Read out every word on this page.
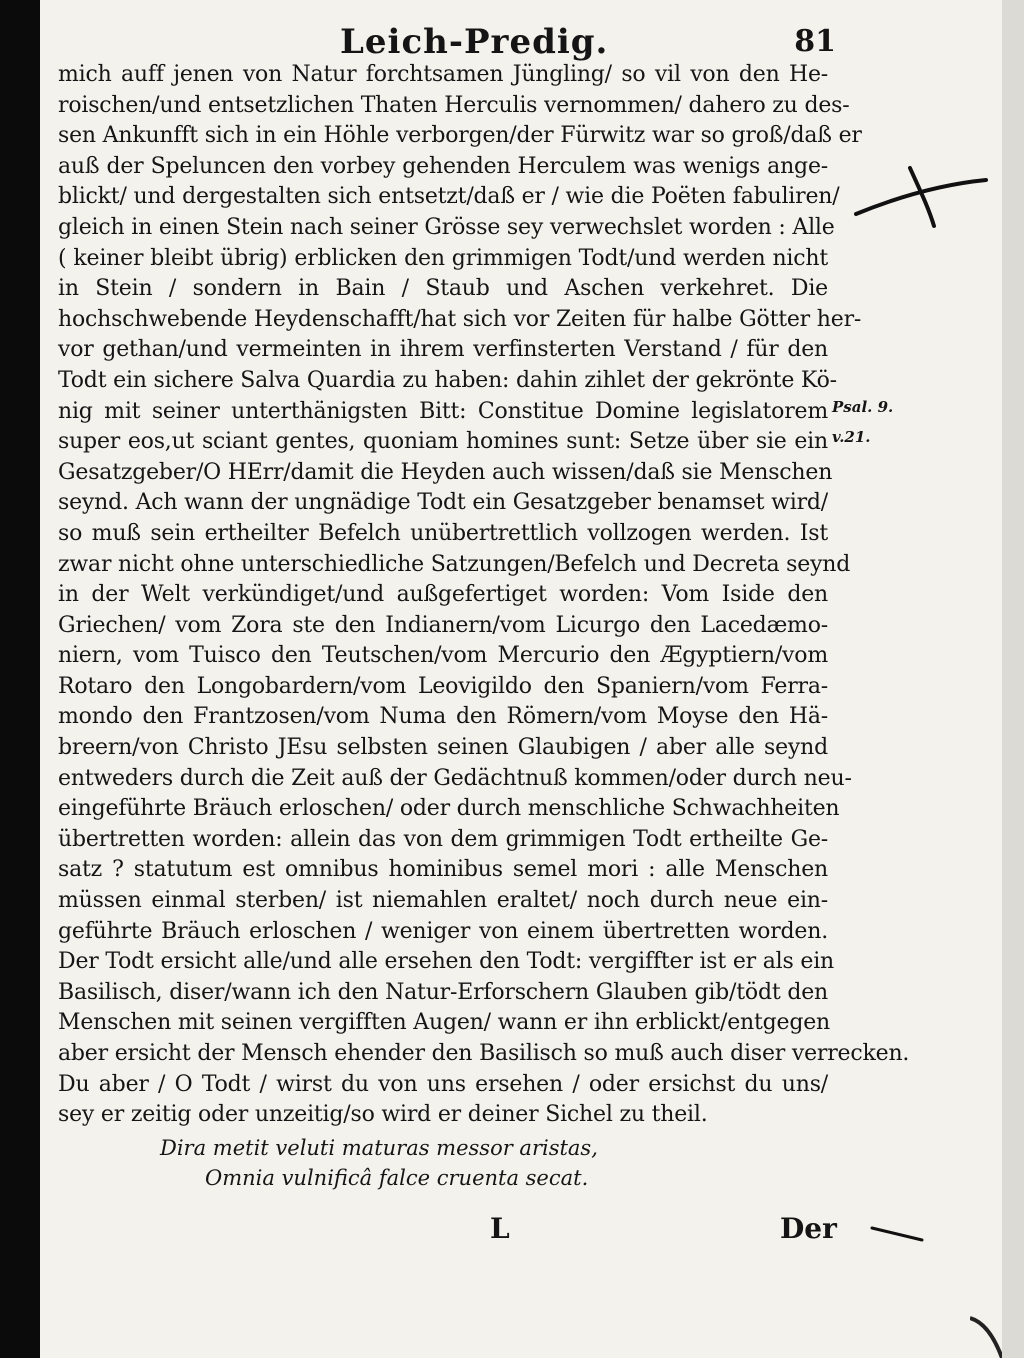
Leich-Predig.	81
mich auff jenen von Natur forchtsamen Jüngling/ so vil von den He-
roischen/und entsetzlichen Thaten Herculis vernommen/ dahero zu des-
sen Ankunfft sich in ein Höhle verborgen/der Fürwitz war so groß/daß er
auß der Speluncen den vorbey gehenden Herculem was wenigs ange-
blickt/ und dergestalten sich entsetzt/daß er / wie die Poëten fabuliren/
gleich in einen Stein nach seiner Grösse sey verwechslet worden : Alle
( keiner bleibt übrig) erblicken den grimmigen Todt/und werden nicht
in Stein / sondern in Bain / Staub und Aschen verkehret. Die
hochschwebende Heydenschafft/hat sich vor Zeiten für halbe Götter her-
vor gethan/und vermeinten in ihrem verfinsterten Verstand / für den
Todt ein sichere Salva Quardia zu haben: dahin zihlet der gekrönte Kö-
nig mit seiner unterthänigsten Bitt: Constitue Domine legislatorem
super eos,ut sciant gentes, quoniam homines sunt: Setze über sie ein
Gesatzgeber/O HErr/damit die Heyden auch wissen/daß sie Menschen
seynd. Ach wann der ungnädige Todt ein Gesatzgeber benamset wird/
so muß sein ertheilter Befelch unübertrettlich vollzogen werden. Ist
zwar nicht ohne unterschiedliche Satzungen/Befelch und Decreta seynd
in der Welt verkündiget/und außgefertiget worden: Vom Iside den
Griechen/ vom Zora ste den Indianern/vom Licurgo den Lacedæmo-
niern, vom Tuisco den Teutschen/vom Mercurio den Ægyptiern/vom
Rotaro den Longobardern/vom Leovigildo den Spaniern/vom Ferra-
mondo den Frantzosen/vom Numa den Römern/vom Moyse den Hä-
breern/von Christo JEsu selbsten seinen Glaubigen / aber alle seynd
entweders durch die Zeit auß der Gedächtnuß kommen/oder durch neu-
eingeführte Bräuch erloschen/ oder durch menschliche Schwachheiten
übertretten worden: allein das von dem grimmigen Todt ertheilte Ge-
satz ? statutum est omnibus hominibus semel mori : alle Menschen
müssen einmal sterben/ ist niemahlen eraltet/ noch durch neue ein-
geführte Bräuch erloschen / weniger von einem übertretten worden.
Der Todt ersicht alle/und alle ersehen den Todt: vergiffter ist er als ein
Basilisch, diser/wann ich den Natur-Erforschern Glauben gib/tödt den
Menschen mit seinen vergifften Augen/ wann er ihn erblickt/entgegen
aber ersicht der Mensch ehender den Basilisch so muß auch diser verrecken.
Du aber / O Todt / wirst du von uns ersehen / oder ersichst du uns/
sey er zeitig oder unzeitig/so wird er deiner Sichel zu theil.
Psal. 9.
v.21.
Dira metit veluti maturas messor aristas,
Omnia vulnificâ falce cruenta secat.
L	Der
